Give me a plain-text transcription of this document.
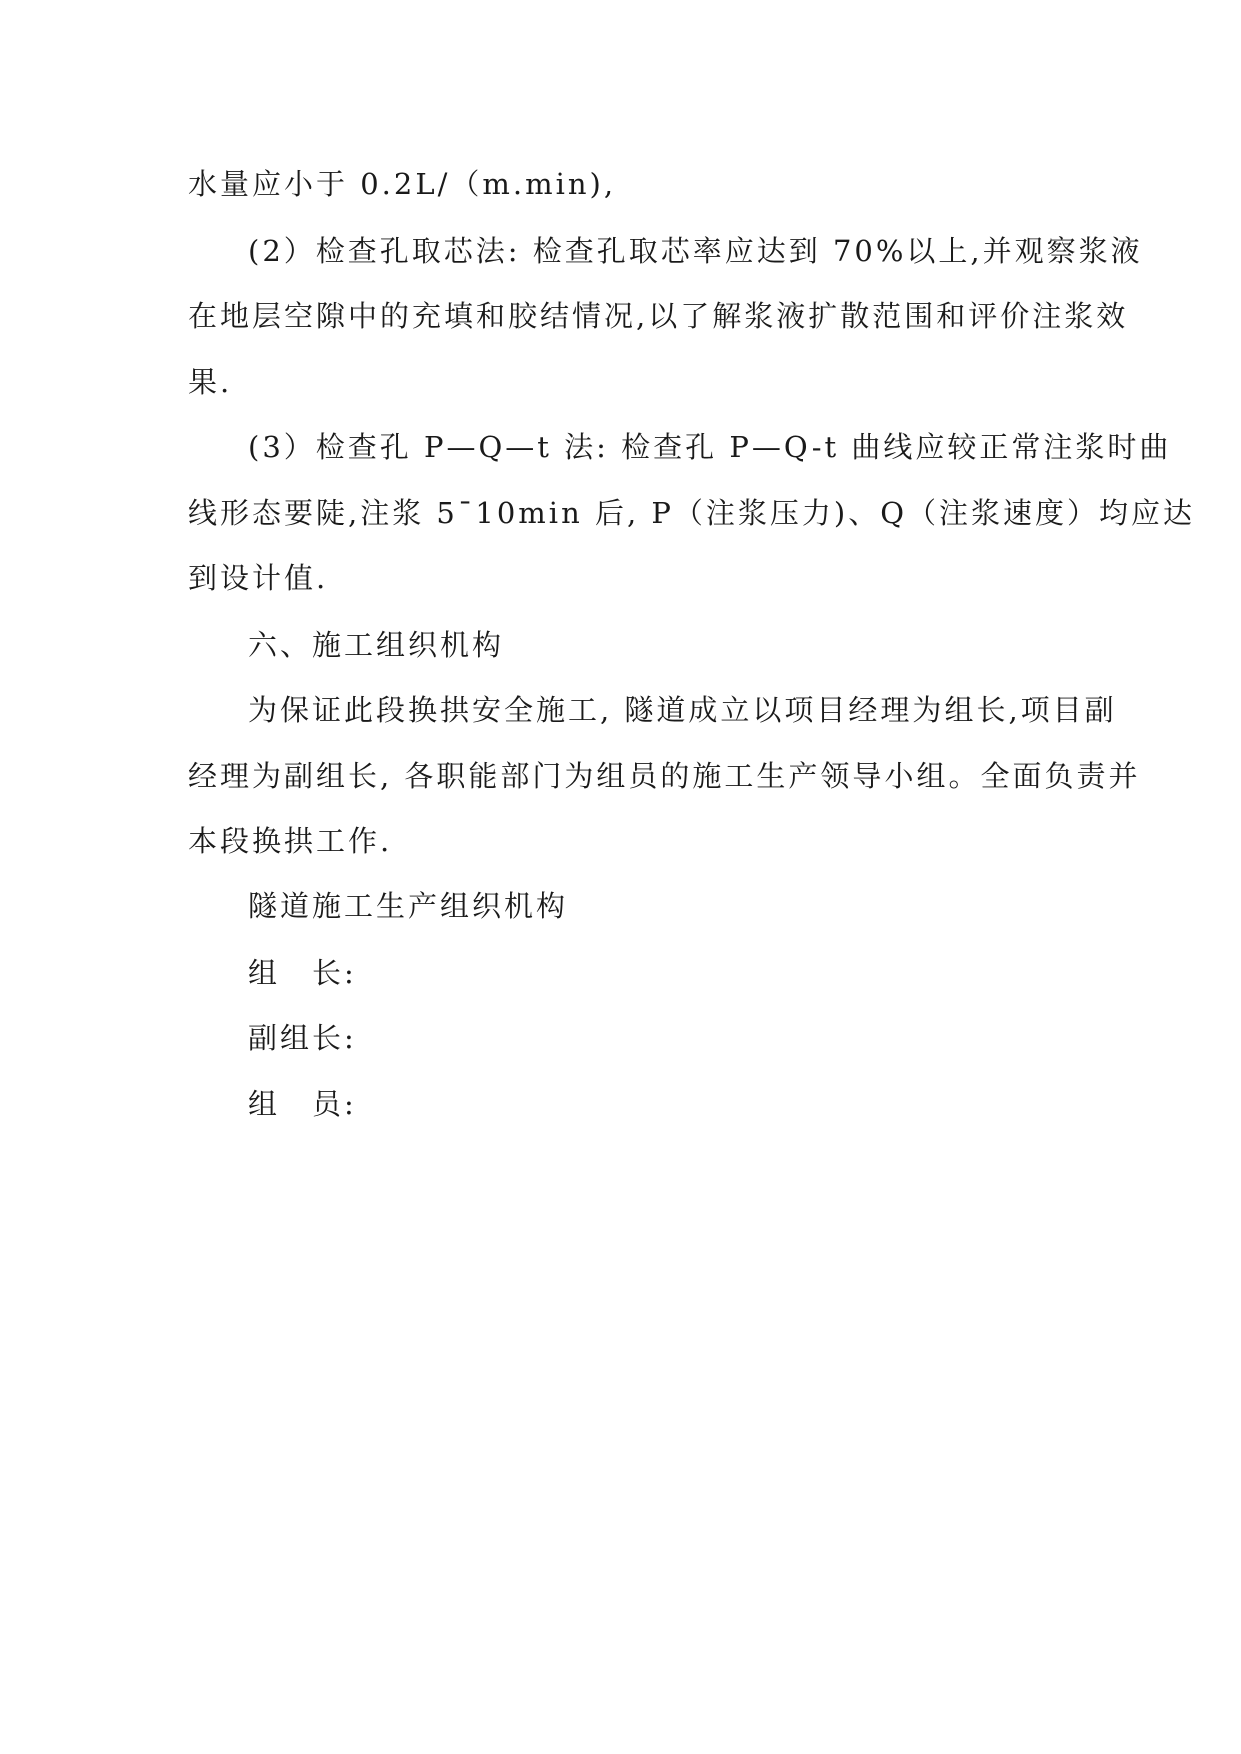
水量应小于 0.2L/（m.min),
(2）检查孔取芯法: 检查孔取芯率应达到 70%以上,并观察浆液
在地层空隙中的充填和胶结情况,以了解浆液扩散范围和评价注浆效
果.
(3）检查孔 P—Q—t 法: 检查孔 P—Q-t 曲线应较正常注浆时曲
线形态要陡,注浆 5¯10min 后, P（注浆压力)、Q（注浆速度）均应达
到设计值.
六、施工组织机构
为保证此段换拱安全施工, 隧道成立以项目经理为组长,项目副
经理为副组长, 各职能部门为组员的施工生产领导小组。全面负责并
本段换拱工作.
隧道施工生产组织机构
组　长:
副组长:
组　员:
